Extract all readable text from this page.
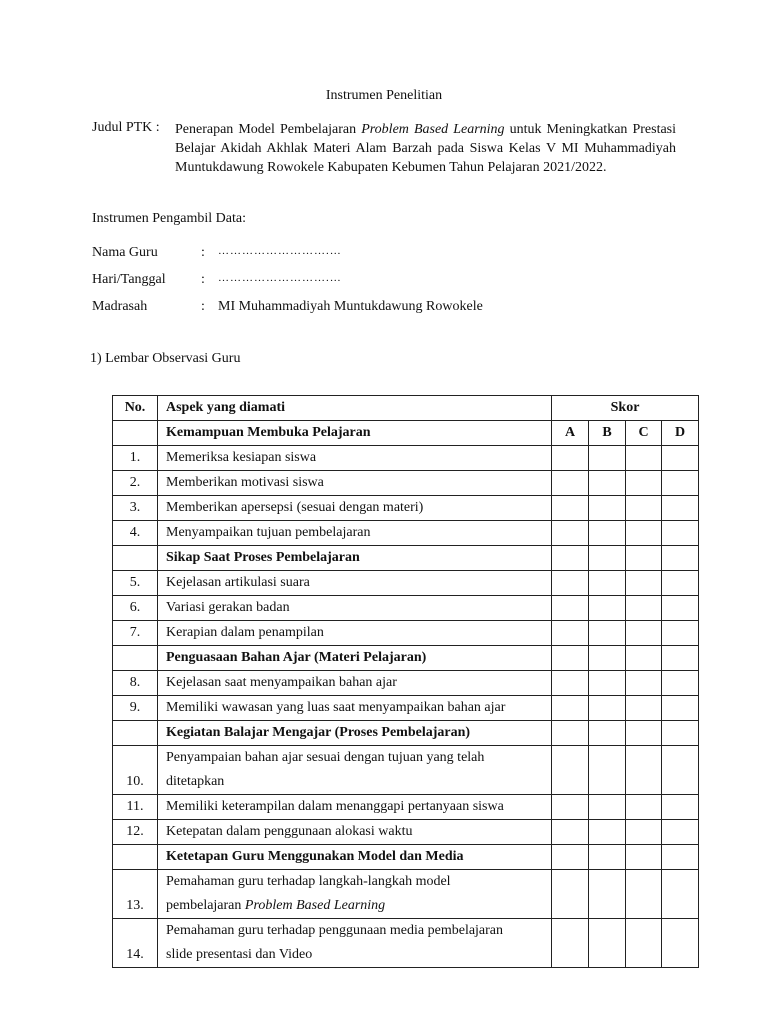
Instrumen Penelitian
Judul PTK :	Penerapan Model Pembelajaran Problem Based Learning untuk Meningkatkan Prestasi Belajar Akidah Akhlak Materi Alam Barzah pada Siswa Kelas V MI Muhammadiyah Muntukdawung Rowokele Kabupaten Kebumen Tahun Pelajaran 2021/2022.
Instrumen Pengambil Data:
Nama Guru	: ……………………….…
Hari/Tanggal	: ……………………….…
Madrasah	: MI Muhammadiyah Muntukdawung Rowokele
1) Lembar Observasi Guru
No.	Aspek yang diamati	Skor			
	Kemampuan Membuka Pelajaran	A	B	C	D
1.	Memeriksa kesiapan siswa				
2.	Memberikan motivasi siswa				
3.	Memberikan apersepsi (sesuai dengan materi)				
4.	Menyampaikan tujuan pembelajaran				
	Sikap Saat Proses Pembelajaran				
5.	Kejelasan artikulasi suara				
6.	Variasi gerakan badan				
7.	Kerapian dalam penampilan				
	Penguasaan Bahan Ajar (Materi Pelajaran)				
8.	Kejelasan saat menyampaikan bahan ajar				
9.	Memiliki wawasan yang luas saat menyampaikan bahan ajar				
	Kegiatan Balajar Mengajar (Proses Pembelajaran)				
10.	Penyampaian bahan ajar sesuai dengan tujuan yang telah
ditetapkan				

11.	Memiliki keterampilan dalam menanggapi pertanyaan siswa				
12.	Ketepatan dalam penggunaan alokasi waktu				
	Ketetapan Guru Menggunakan Model dan Media				
13.	Pemahaman guru terhadap langkah-langkah model
pembelajaran Problem Based Learning				

14.	Pemahaman guru terhadap penggunaan media pembelajaran
slide presentasi dan Video				
